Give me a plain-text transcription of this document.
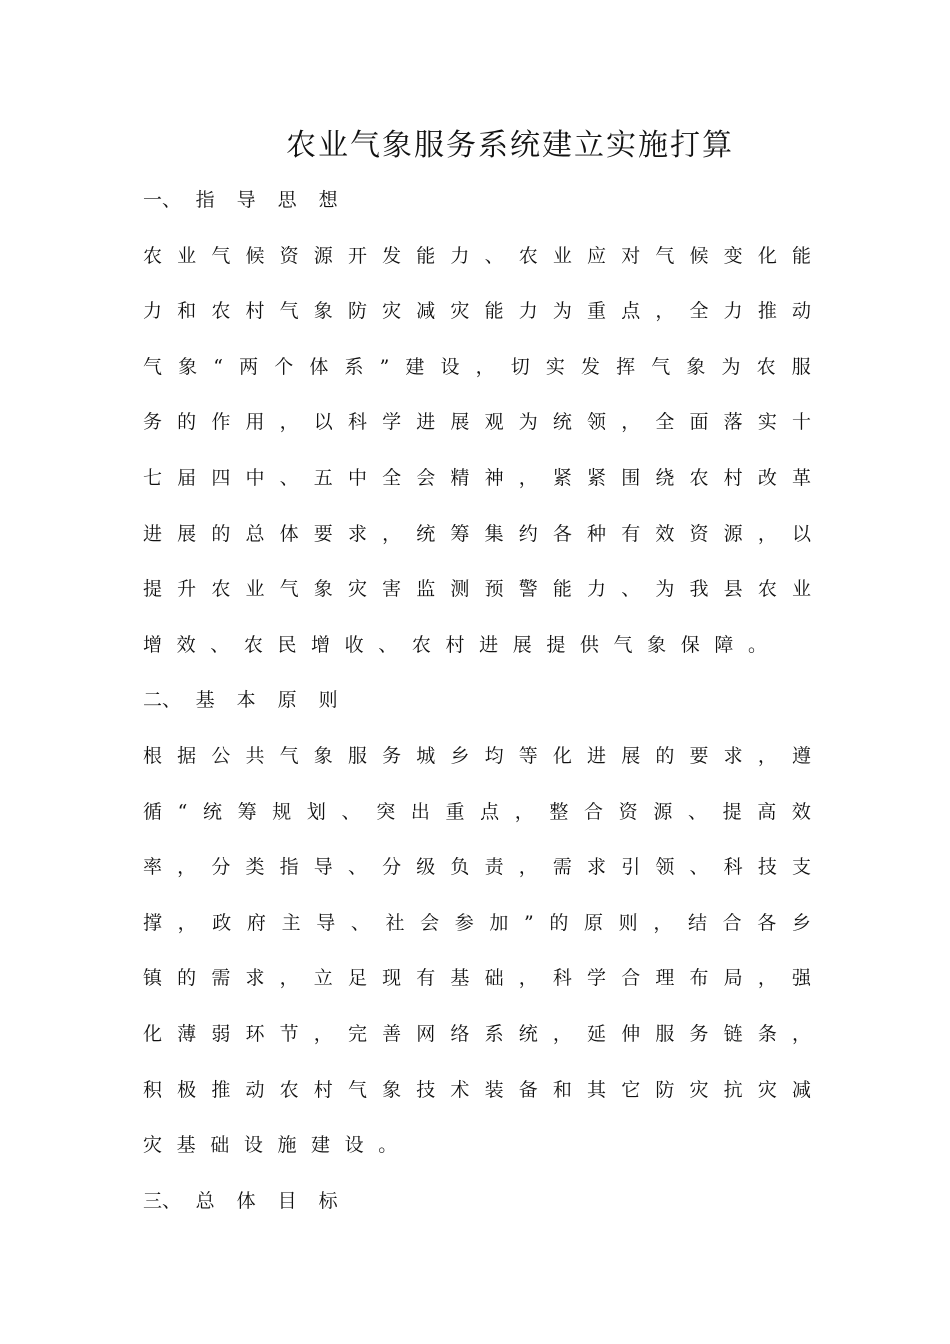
农业气象服务系统建立实施打算
一、 指导思想
农 业 气 候 资 源 开 发 能 力 、 农 业 应 对 气 候 变 化 能
力 和 农 村 气 象 防 灾 减 灾 能 力 为 重 点 ， 全 力 推 动
气 象 “ 两 个 体 系 ” 建 设 ， 切 实 发 挥 气 象 为 农 服
务 的 作 用 ， 以 科 学 进 展 观 为 统 领 ， 全 面 落 实 十
七 届 四 中 、 五 中 全 会 精 神 ， 紧 紧 围 绕 农 村 改 革
进 展 的 总 体 要 求 ， 统 筹 集 约 各 种 有 效 资 源 ， 以
提 升 农 业 气 象 灾 害 监 测 预 警 能 力 、 为 我 县 农 业
增 效 、 农 民 增 收 、 农 村 进 展 提 供 气 象 保 障 。
二、 基本原则
根 据 公 共 气 象 服 务 城 乡 均 等 化 进 展 的 要 求 ， 遵
循 “ 统 筹 规 划 、 突 出 重 点 ， 整 合 资 源 、 提 高 效
率 ， 分 类 指 导 、 分 级 负 责 ， 需 求 引 领 、 科 技 支
撑 ， 政 府 主 导 、 社 会 参 加 ” 的 原 则 ， 结 合 各 乡
镇 的 需 求 ， 立 足 现 有 基 础 ， 科 学 合 理 布 局 ， 强
化 薄 弱 环 节 ， 完 善 网 络 系 统 ， 延 伸 服 务 链 条 ，
积 极 推 动 农 村 气 象 技 术 装 备 和 其 它 防 灾 抗 灾 减
灾 基 础 设 施 建 设 。
三、 总体目标
